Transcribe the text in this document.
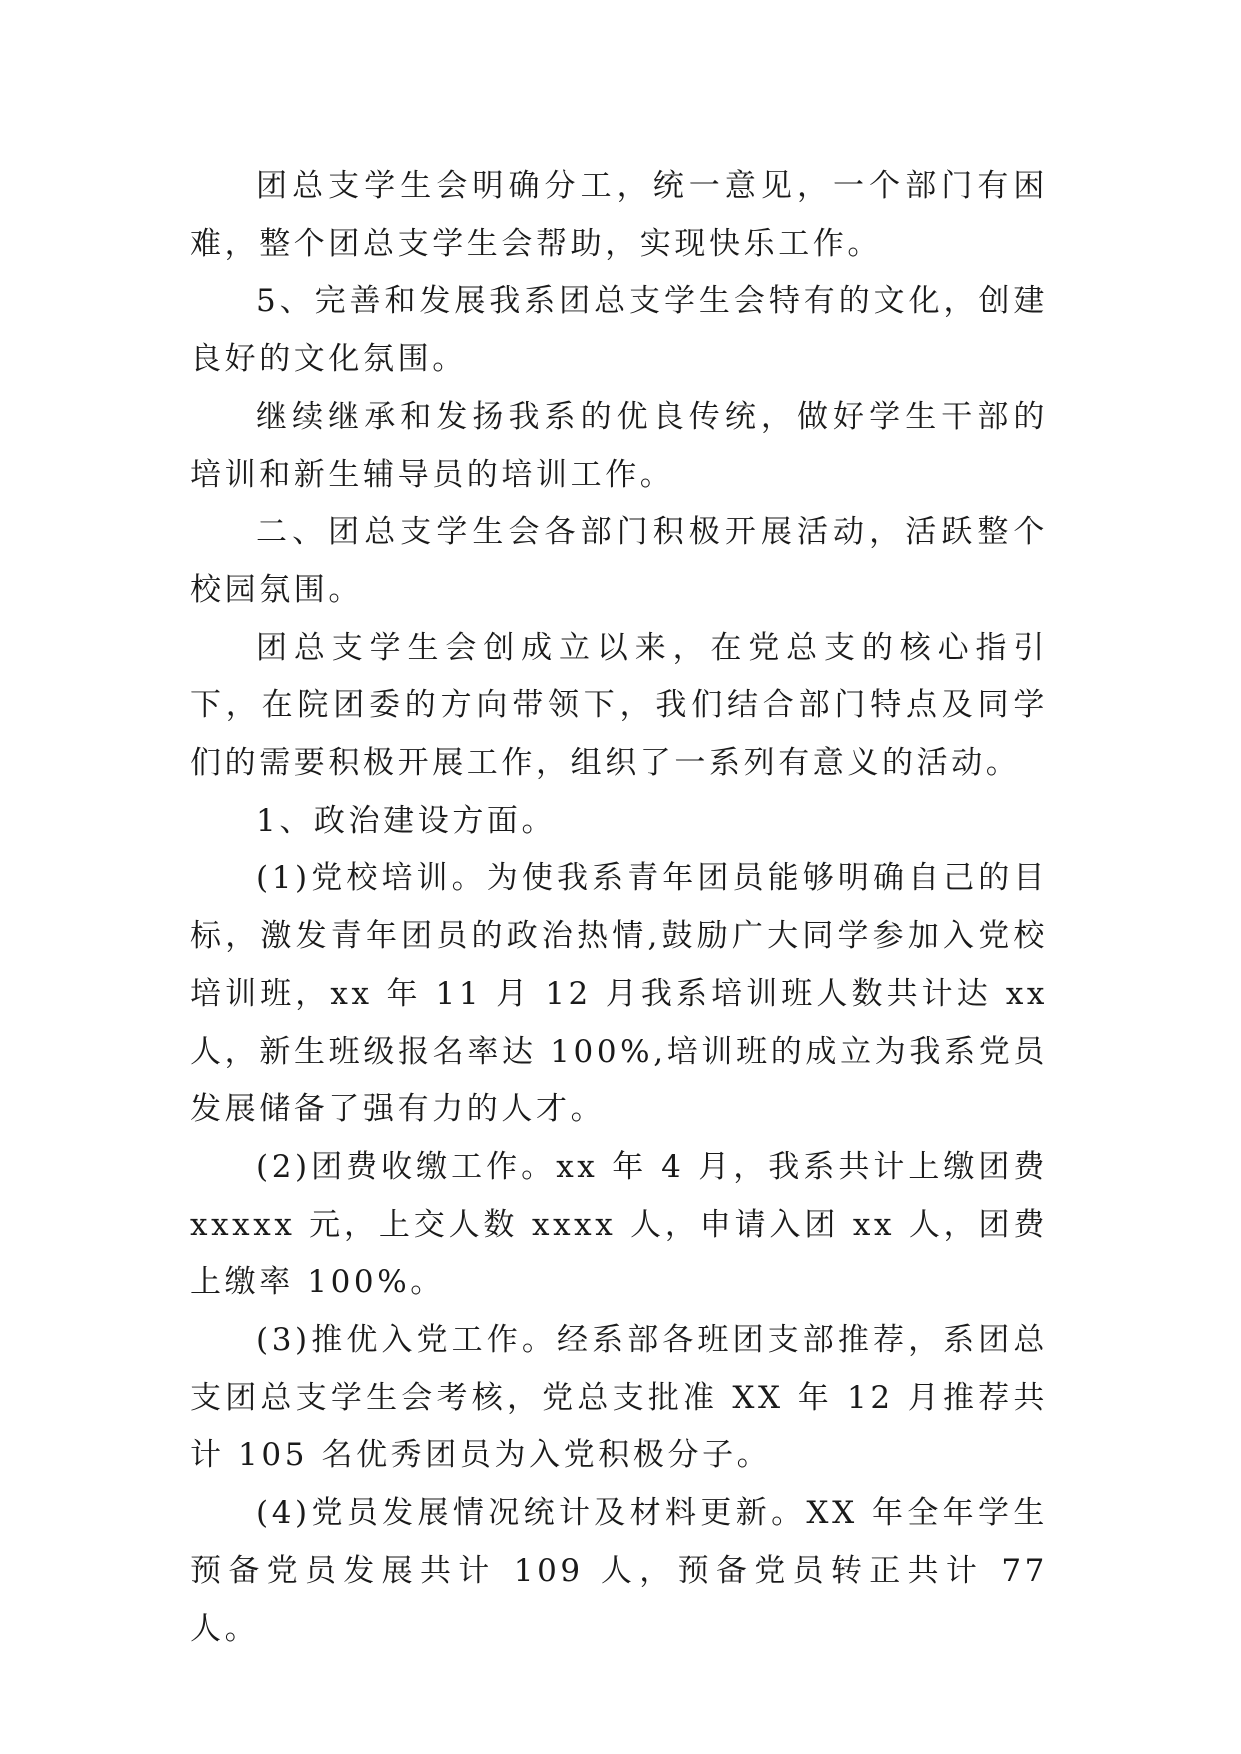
团总支学生会明确分工，统一意见，一个部门有困难，整个团总支学生会帮助，实现快乐工作。

5、完善和发展我系团总支学生会特有的文化，创建良好的文化氛围。

继续继承和发扬我系的优良传统，做好学生干部的培训和新生辅导员的培训工作。

二、团总支学生会各部门积极开展活动，活跃整个校园氛围。

团总支学生会创成立以来，在党总支的核心指引下，在院团委的方向带领下，我们结合部门特点及同学们的需要积极开展工作，组织了一系列有意义的活动。

1、政治建设方面。

(1)党校培训。为使我系青年团员能够明确自己的目标，激发青年团员的政治热情,鼓励广大同学参加入党校培训班，xx 年 11 月 12 月我系培训班人数共计达 xx 人，新生班级报名率达 100%,培训班的成立为我系党员发展储备了强有力的人才。

(2)团费收缴工作。xx 年 4 月，我系共计上缴团费 xxxxx 元，上交人数 xxxx 人，申请入团 xx 人，团费上缴率 100%。

(3)推优入党工作。经系部各班团支部推荐，系团总支团总支学生会考核，党总支批准 XX 年 12 月推荐共计 105 名优秀团员为入党积极分子。

(4)党员发展情况统计及材料更新。XX 年全年学生预备党员发展共计 109 人，预备党员转正共计 77 人。
